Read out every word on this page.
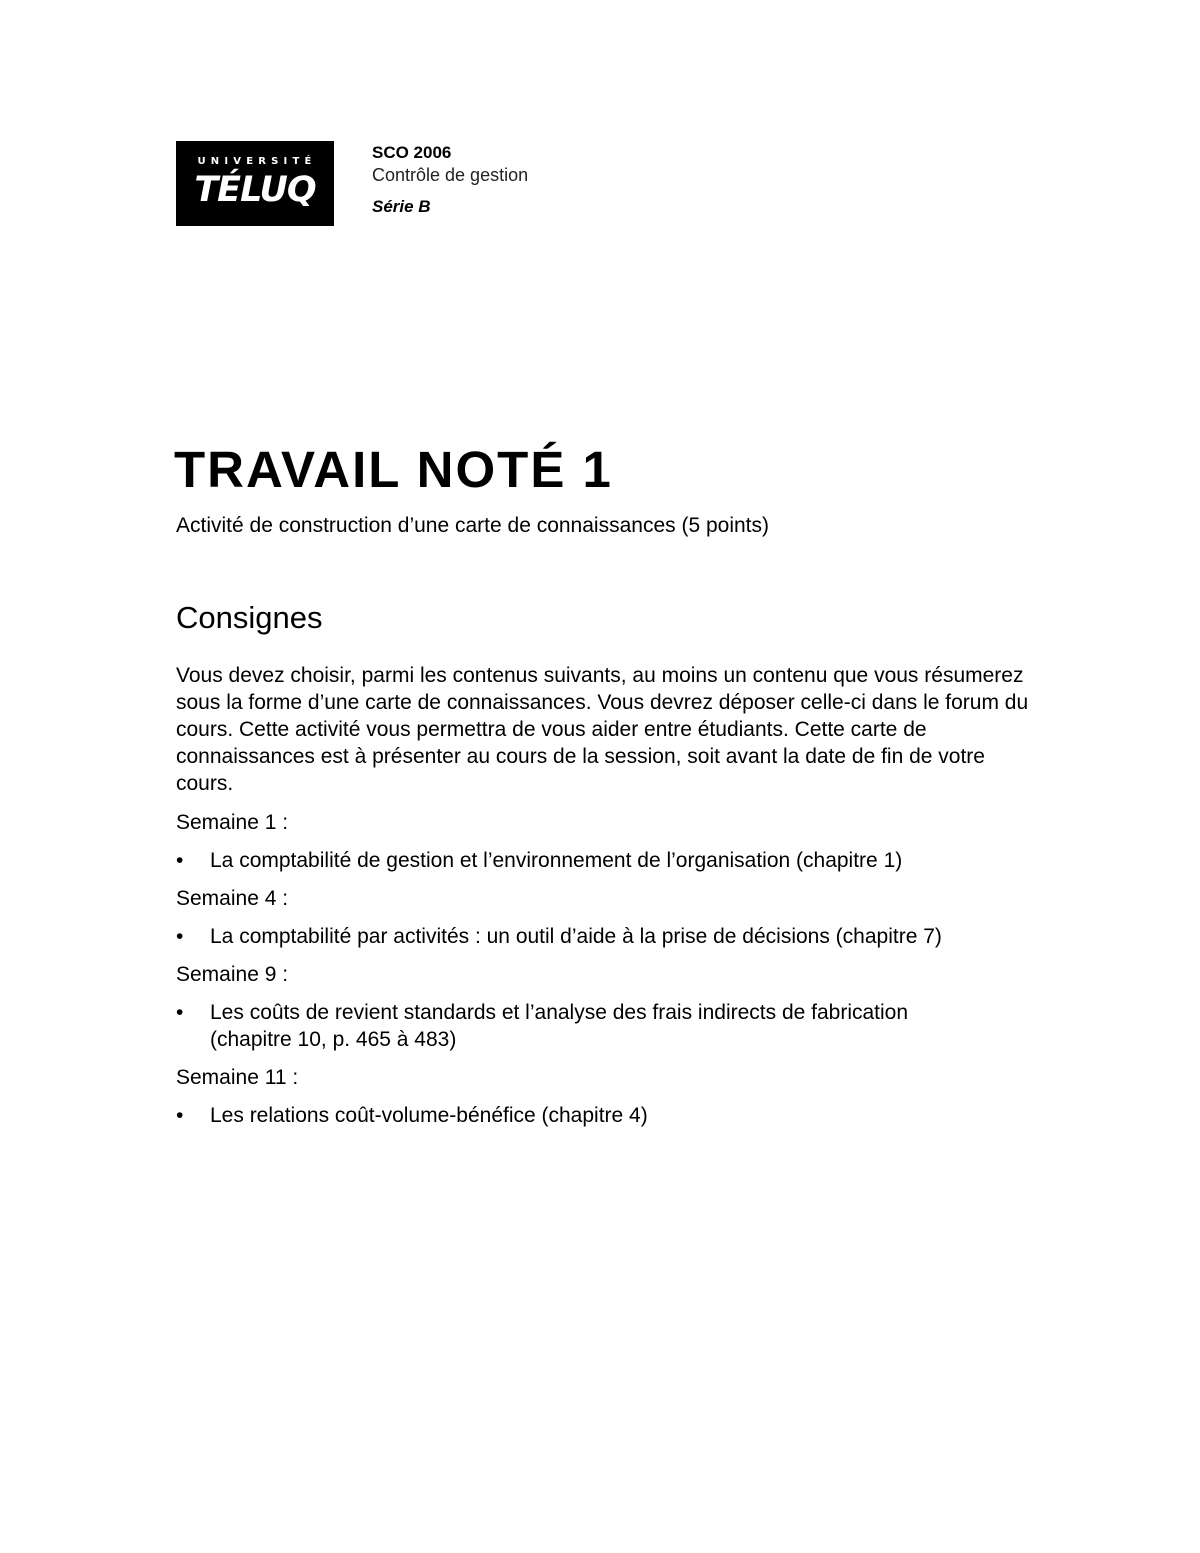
UNIVERSITÉ
TÉLUQ
SCO 2006
Contrôle de gestion
Série B
TRAVAIL NOTÉ 1

Activité de construction d’une carte de connaissances (5 points)

Consignes

Vous devez choisir, parmi les contenus suivants, au moins un contenu que vous résumerez sous la forme d’une carte de connaissances. Vous devrez déposer celle-ci dans le forum du cours. Cette activité vous permettra de vous aider entre étudiants. Cette carte de connaissances est à présenter au cours de la session, soit avant la date de fin de votre cours.

Semaine 1 :

• La comptabilité de gestion et l’environnement de l’organisation (chapitre 1)

Semaine 4 :

• La comptabilité par activités : un outil d’aide à la prise de décisions (chapitre 7)

Semaine 9 :

• Les coûts de revient standards et l’analyse des frais indirects de fabrication (chapitre 10, p. 465 à 483)

Semaine 11 :

• Les relations coût-volume-bénéfice (chapitre 4)
